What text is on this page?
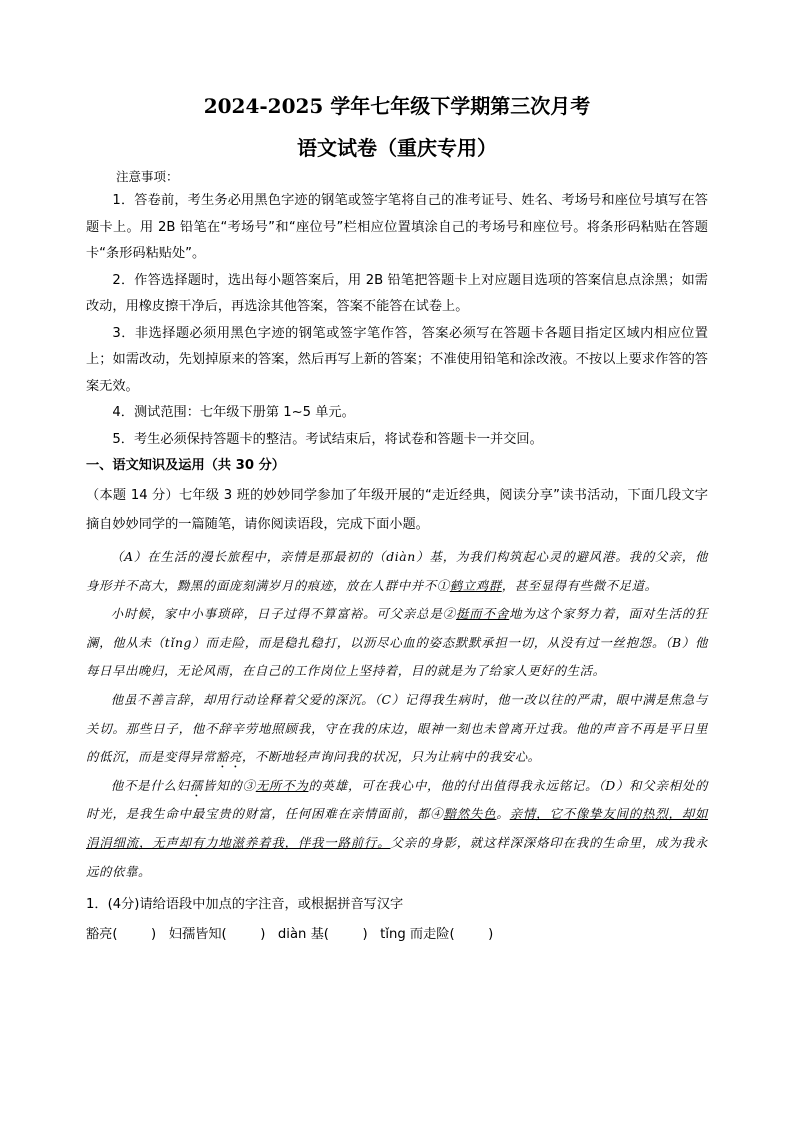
2024-2025 学年七年级下学期第三次月考
语文试卷（重庆专用）
注意事项：

1．答卷前，考生务必用黑色字迹的钢笔或签字笔将自己的准考证号、姓名、考场号和座位号填写在答题卡上。用 2B 铅笔在“考场号”和“座位号”栏相应位置填涂自己的考场号和座位号。将条形码粘贴在答题卡“条形码粘贴处”。

2．作答选择题时，选出每小题答案后，用 2B 铅笔把答题卡上对应题目选项的答案信息点涂黑；如需改动，用橡皮擦干净后，再选涂其他答案，答案不能答在试卷上。

3．非选择题必须用黑色字迹的钢笔或签字笔作答，答案必须写在答题卡各题目指定区域内相应位置上；如需改动，先划掉原来的答案，然后再写上新的答案；不准使用铅笔和涂改液。不按以上要求作答的答案无效。

4．测试范围：七年级下册第 1~5 单元。

5．考生必须保持答题卡的整洁。考试结束后，将试卷和答题卡一并交回。

一、语文知识及运用（共 30 分）
（本题 14 分）七年级 3 班的妙妙同学参加了年级开展的“走近经典，阅读分享”读书活动，下面几段文字摘自妙妙同学的一篇随笔，请你阅读语段，完成下面小题。

（A）在生活的漫长旅程中，亲情是那最初的（diàn）基，为我们构筑起心灵的避风港。我的父亲，他身形并不高大，黝黑的面庞刻满岁月的痕迹，放在人群中并不①鹤立鸡群，甚至显得有些微不足道。

小时候，家中小事琐碎，日子过得不算富裕。可父亲总是②挺而不舍地为这个家努力着，面对生活的狂澜，他从未（tǐng）而走险，而是稳扎稳打，以沥尽心血的姿态默默承担一切，从没有过一丝抱怨。（B）他每日早出晚归，无论风雨，在自己的工作岗位上坚持着，目的就是为了给家人更好的生活。

他虽不善言辞，却用行动诠释着父爱的深沉。（C）记得我生病时，他一改以往的严肃，眼中满是焦急与关切。那些日子，他不辞辛劳地照顾我，守在我的床边，眼神一刻也未曾离开过我。他的声音不再是平日里的低沉，而是变得异常豁亮，不断地轻声询问我的状况，只为让病中的我安心。

他不是什么妇孺皆知的③无所不为的英雄，可在我心中，他的付出值得我永远铭记。（D）和父亲相处的时光，是我生命中最宝贵的财富，任何困难在亲情面前，都④黯然失色。亲情，它不像挚友间的热烈，却如涓涓细流，无声却有力地滋养着我，伴我一路前行。父亲的身影，就这样深深烙印在我的生命里，成为我永远的依靠。

1．(4分)请给语段中加点的字注音，或根据拼音写汉字
豁亮(        )   妇孺皆知(        )   diàn 基(        )   tǐng 而走险(        )
